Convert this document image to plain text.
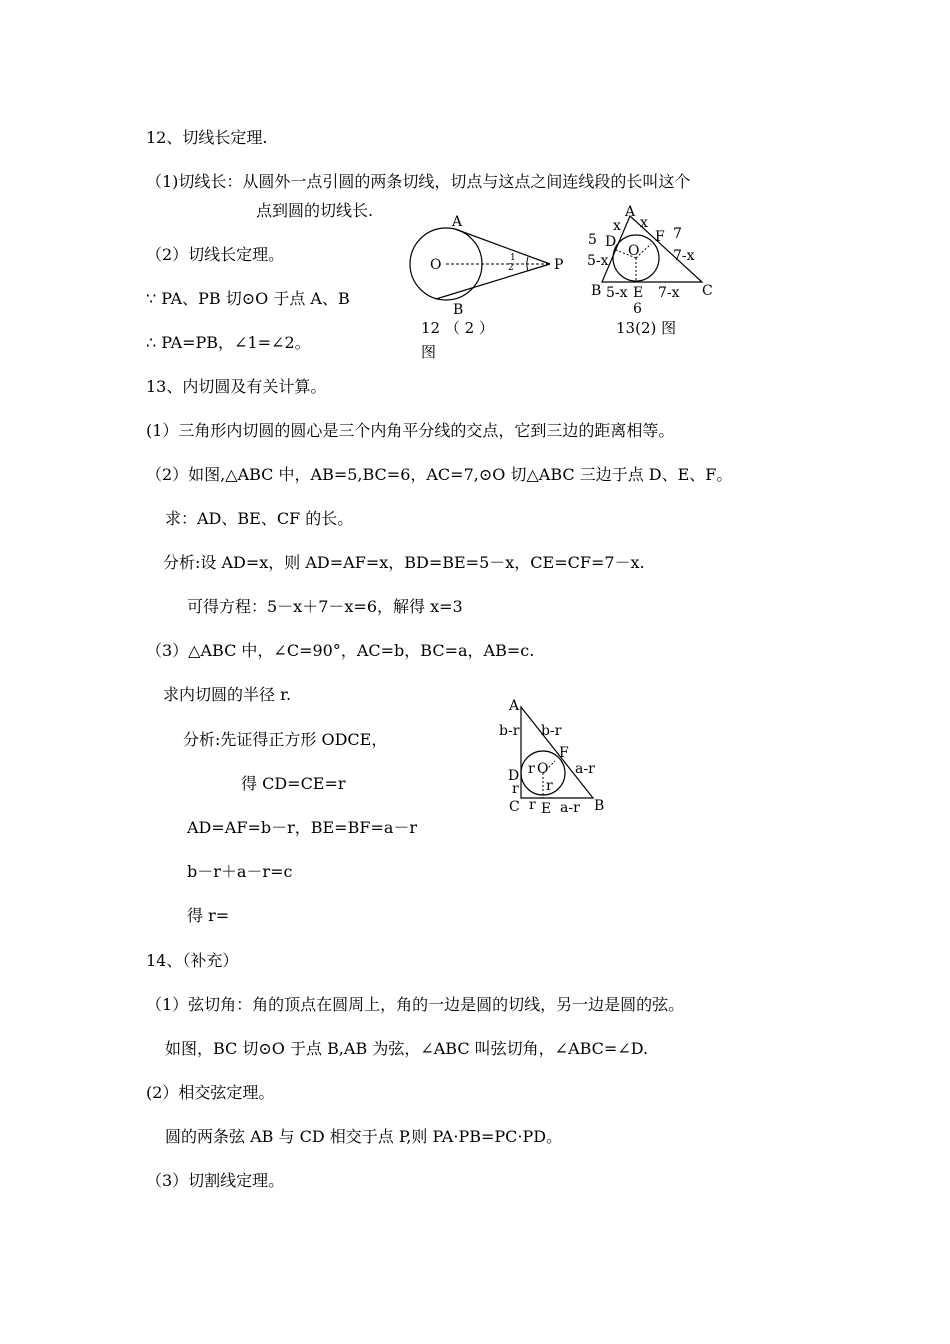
12、切线长定理.
（1)切线长：从圆外一点引圆的两条切线，切点与这点之间连线段的长叫这个
点到圆的切线长.
（2）切线长定理。
∵ PA、PB 切⊙O 于点 A、B
∴ PA=PB，∠1=∠2。
13、内切圆及有关计算。
(1）三角形内切圆的圆心是三个内角平分线的交点，它到三边的距离相等。
（2）如图,△ABC 中，AB=5,BC=6，AC=7,⊙O 切△ABC 三边于点 D、E、F。
求：AD、BE、CF 的长。
分析:设 AD=x，则 AD=AF=x，BD=BE=5－x，CE=CF=7－x.
可得方程：5－x＋7－x=6，解得 x=3
（3）△ABC 中，∠C=90°，AC=b，BC=a，AB=c.
求内切圆的半径 r.
分析:先证得正方形 ODCE，
得 CD=CE=r
AD=AF=b－r，BE=BF=a－r
b－r＋a－r=c
得 r=
14、（补充）
（1）弦切角：角的顶点在圆周上，角的一边是圆的切线，另一边是圆的弦。
如图，BC 切⊙O 于点 B,AB 为弦，∠ABC 叫弦切角，∠ABC=∠D.
(2）相交弦定理。
圆的两条弦 AB 与 CD 相交于点 P,则 PA·PB=PC·PD。
（3）切割线定理。
A
B
O	P
1
2
12 （ 2 ）
图
A
B	C
D
E
F
O
x x
5	7
6
5-x	7-x
5-x 7-x
13(2) 图
A
C	B
D
E
F
O
b-r b-r
a-r
a-r
r
r
r
r
